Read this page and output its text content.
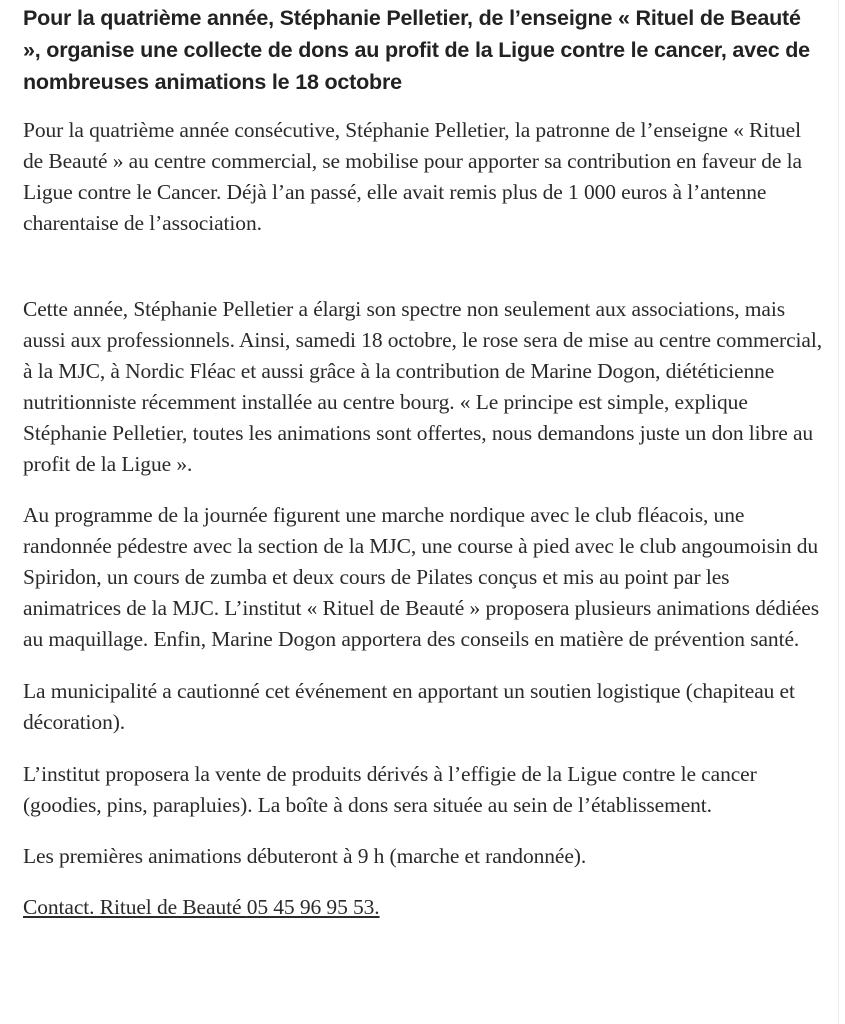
Pour la quatrième année, Stéphanie Pelletier, de l’enseigne « Rituel de Beauté », organise une collecte de dons au profit de la Ligue contre le cancer, avec de nombreuses animations le 18 octobre

Pour la quatrième année consécutive, Stéphanie Pelletier, la patronne de l’enseigne « Rituel de Beauté » au centre commercial, se mobilise pour apporter sa contribution en faveur de la Ligue contre le Cancer. Déjà l’an passé, elle avait remis plus de 1 000 euros à l’antenne charentaise de l’association.

Cette année, Stéphanie Pelletier a élargi son spectre non seulement aux associations, mais aussi aux professionnels. Ainsi, samedi 18 octobre, le rose sera de mise au centre commercial, à la MJC, à Nordic Fléac et aussi grâce à la contribution de Marine Dogon, diététicienne nutritionniste récemment installée au centre bourg. « Le principe est simple, explique Stéphanie Pelletier, toutes les animations sont offertes, nous demandons juste un don libre au profit de la Ligue ».

Au programme de la journée figurent une marche nordique avec le club fléacois, une randonnée pédestre avec la section de la MJC, une course à pied avec le club angoumoisin du Spiridon, un cours de zumba et deux cours de Pilates conçus et mis au point par les animatrices de la MJC. L’institut « Rituel de Beauté » proposera plusieurs animations dédiées au maquillage. Enfin, Marine Dogon apportera des conseils en matière de prévention santé.

La municipalité a cautionné cet événement en apportant un soutien logistique (chapiteau et décoration).

L’institut proposera la vente de produits dérivés à l’effigie de la Ligue contre le cancer (goodies, pins, parapluies). La boîte à dons sera située au sein de l’établissement.

Les premières animations débuteront à 9 h (marche et randonnée).

Contact. Rituel de Beauté 05 45 96 95 53.
